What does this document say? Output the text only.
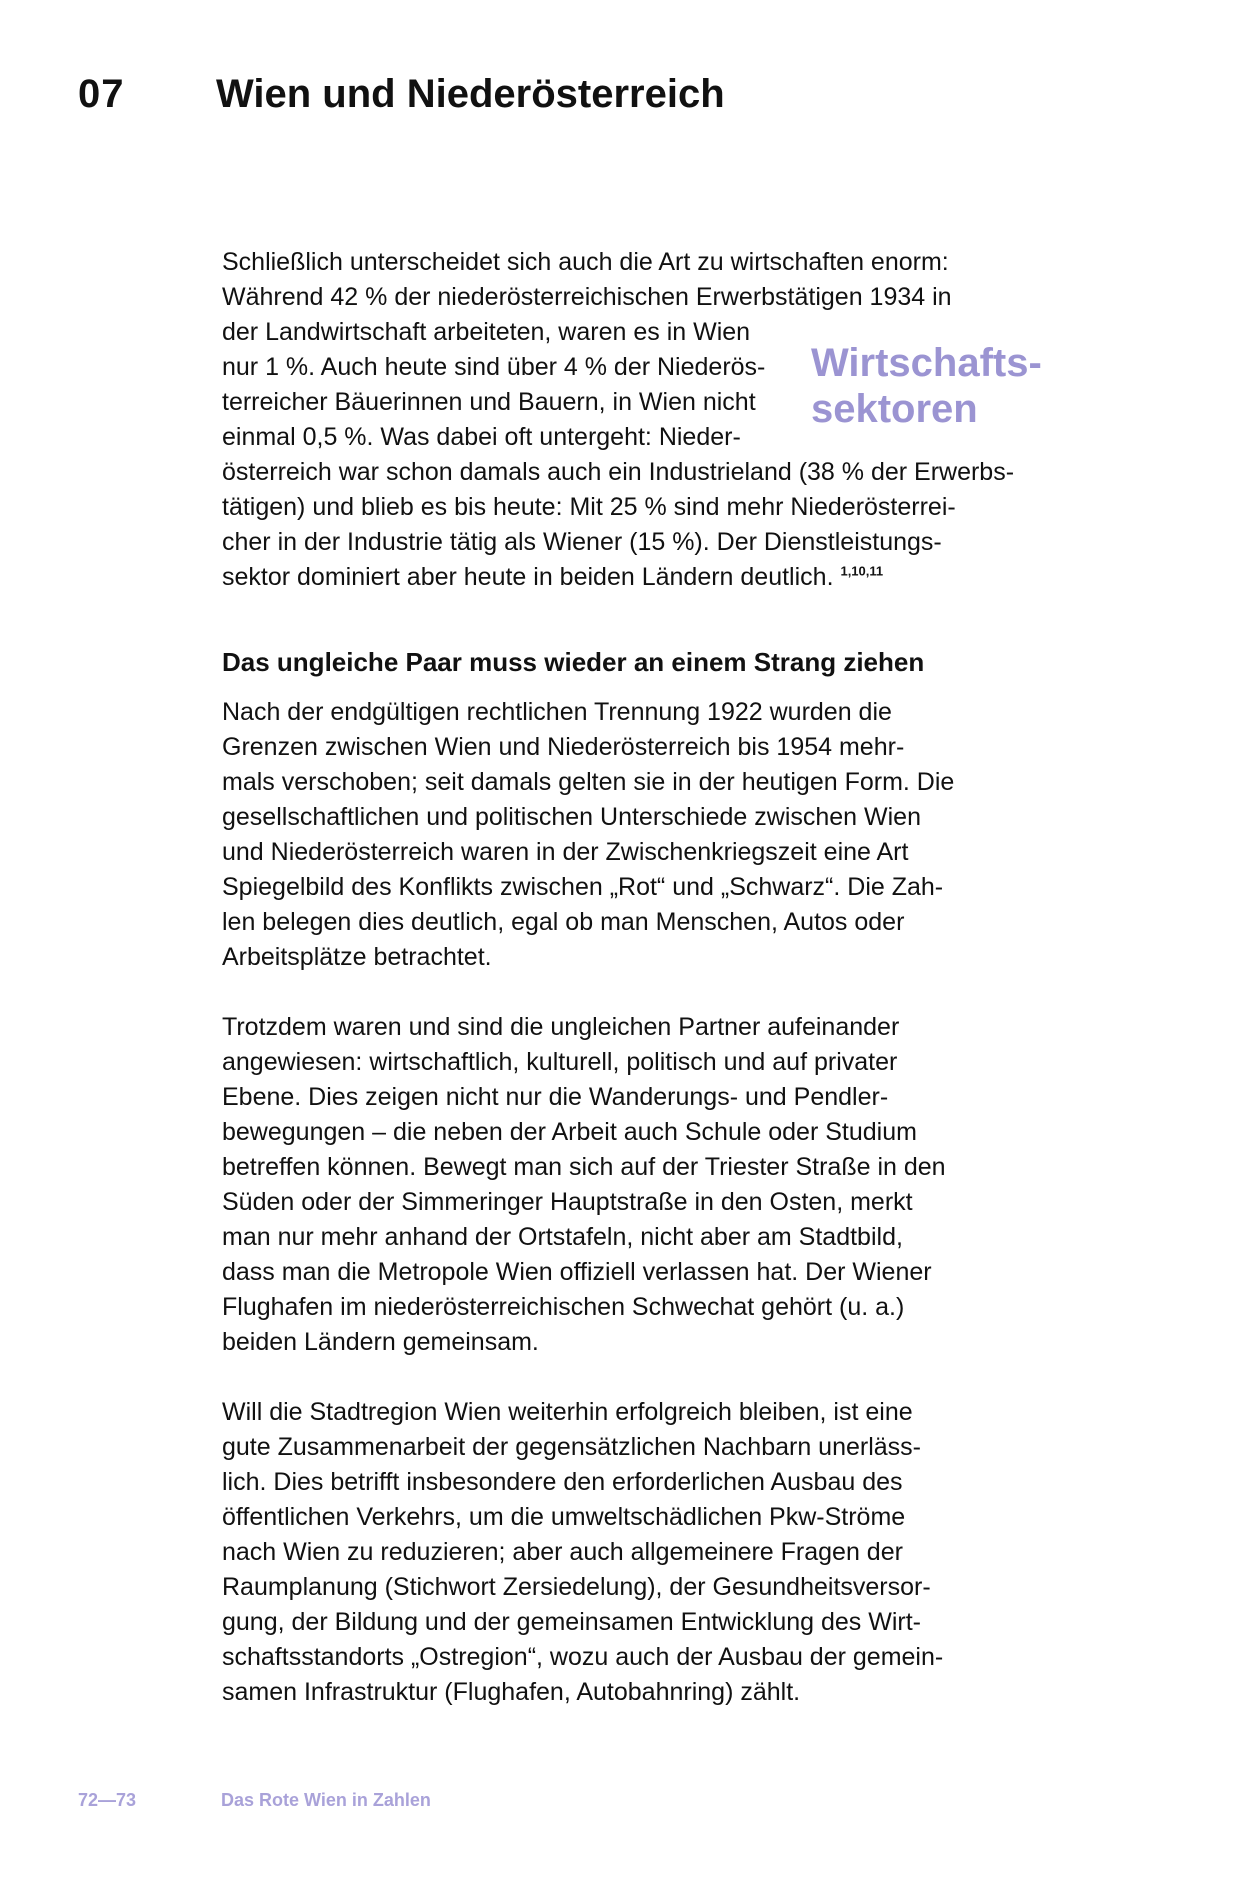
07 Wien und Niederösterreich
Wirtschafts-
sektoren

Schließlich unterscheidet sich auch die Art zu wirtschaften enorm:
Während 42 % der niederösterreichischen Erwerbstätigen 1934 in
der Landwirtschaft arbeiteten, waren es in Wien
nur 1 %. Auch heute sind über 4 % der Niederös-
terreicher Bäuerinnen und Bauern, in Wien nicht
einmal 0,5 %. Was dabei oft untergeht: Nieder-
österreich war schon damals auch ein Industrieland (38 % der Erwerbs-
tätigen) und blieb es bis heute: Mit 25 % sind mehr Niederösterrei-
cher in der Industrie tätig als Wiener (15 %). Der Dienstleistungs-
sektor dominiert aber heute in beiden Ländern deutlich. $^{1,10,11}$

Das ungleiche Paar muss wieder an einem Strang ziehen

Nach der endgültigen rechtlichen Trennung 1922 wurden die
Grenzen zwischen Wien und Niederösterreich bis 1954 mehr-
mals verschoben; seit damals gelten sie in der heutigen Form. Die
gesellschaftlichen und politischen Unterschiede zwischen Wien
und Niederösterreich waren in der Zwischenkriegszeit eine Art
Spiegelbild des Konflikts zwischen „Rot“ und „Schwarz“. Die Zah-
len belegen dies deutlich, egal ob man Menschen, Autos oder
Arbeitsplätze betrachtet.

Trotzdem waren und sind die ungleichen Partner aufeinander
angewiesen: wirtschaftlich, kulturell, politisch und auf privater
Ebene. Dies zeigen nicht nur die Wanderungs- und Pendler-
bewegungen – die neben der Arbeit auch Schule oder Studium
betreffen können. Bewegt man sich auf der Triester Straße in den
Süden oder der Simmeringer Hauptstraße in den Osten, merkt
man nur mehr anhand der Ortstafeln, nicht aber am Stadtbild,
dass man die Metropole Wien offiziell verlassen hat. Der Wiener
Flughafen im niederösterreichischen Schwechat gehört (u. a.)
beiden Ländern gemeinsam.

Will die Stadtregion Wien weiterhin erfolgreich bleiben, ist eine
gute Zusammenarbeit der gegensätzlichen Nachbarn unerläss-
lich. Dies betrifft insbesondere den erforderlichen Ausbau des
öffentlichen Verkehrs, um die umweltschädlichen Pkw-Ströme
nach Wien zu reduzieren; aber auch allgemeinere Fragen der
Raumplanung (Stichwort Zersiedelung), der Gesundheitsversor-
gung, der Bildung und der gemeinsamen Entwicklung des Wirt-
schaftsstandorts „Ostregion“, wozu auch der Ausbau der gemein-
samen Infrastruktur (Flughafen, Autobahnring) zählt.

72—73	Das Rote Wien in Zahlen
